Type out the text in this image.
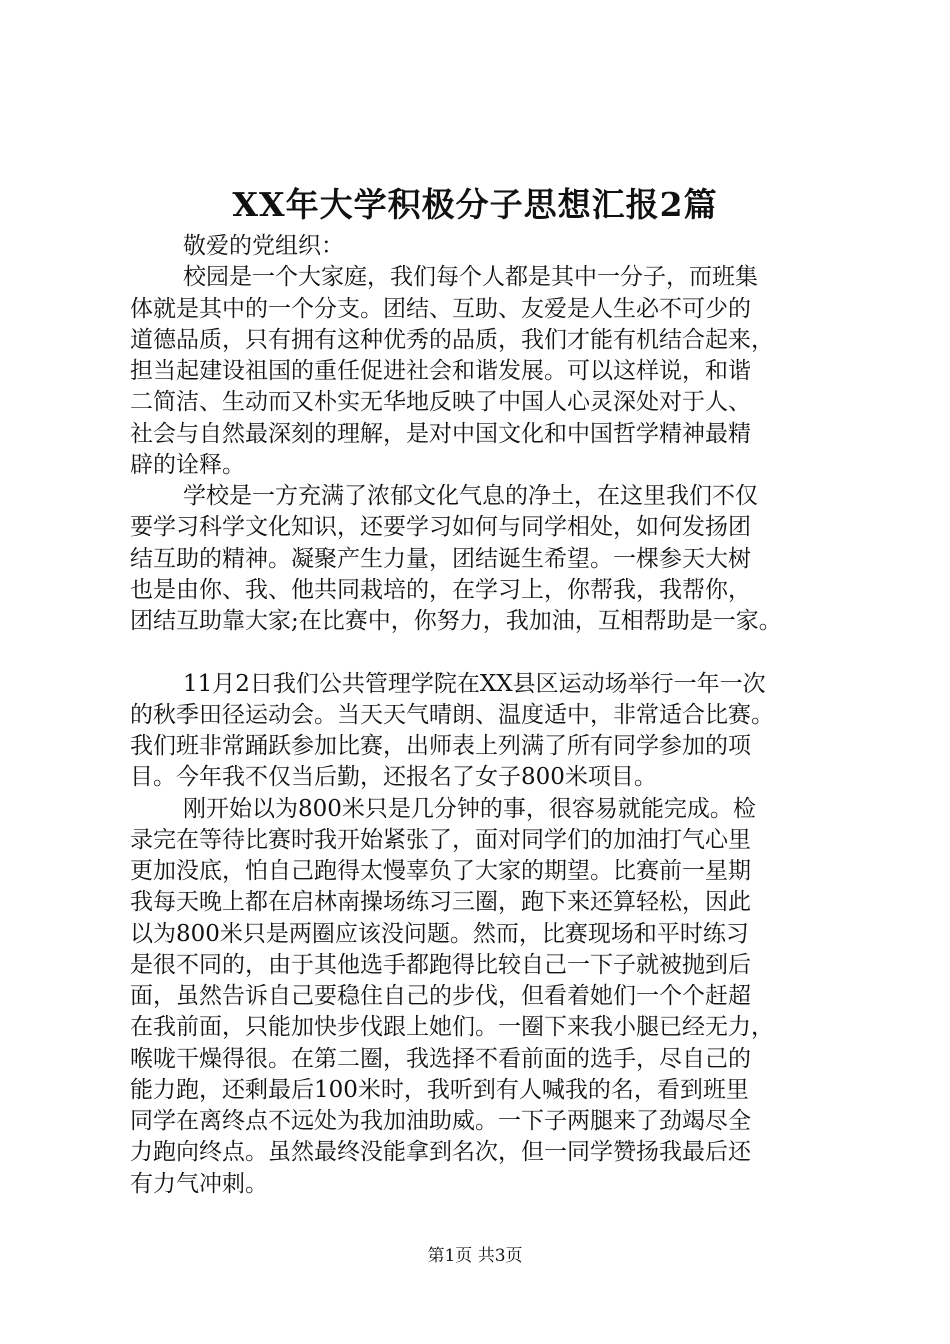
XX年大学积极分子思想汇报2篇
敬爱的党组织：
校园是一个大家庭，我们每个人都是其中一分子，而班集
体就是其中的一个分支。团结、互助、友爱是人生必不可少的
道德品质，只有拥有这种优秀的品质，我们才能有机结合起来，
担当起建设祖国的重任促进社会和谐发展。可以这样说，和谐
二简洁、生动而又朴实无华地反映了中国人心灵深处对于人、
社会与自然最深刻的理解，是对中国文化和中国哲学精神最精
辟的诠释。
学校是一方充满了浓郁文化气息的净土，在这里我们不仅
要学习科学文化知识，还要学习如何与同学相处，如何发扬团
结互助的精神。凝聚产生力量，团结诞生希望。一棵参天大树
也是由你、我、他共同栽培的，在学习上，你帮我，我帮你，
团结互助靠大家;在比赛中，你努力，我加油，互相帮助是一家。
11月2日我们公共管理学院在XX县区运动场举行一年一次
的秋季田径运动会。当天天气晴朗、温度适中，非常适合比赛。
我们班非常踊跃参加比赛，出师表上列满了所有同学参加的项
目。今年我不仅当后勤，还报名了女子800米项目。
刚开始以为800米只是几分钟的事，很容易就能完成。检
录完在等待比赛时我开始紧张了，面对同学们的加油打气心里
更加没底，怕自己跑得太慢辜负了大家的期望。比赛前一星期
我每天晚上都在启林南操场练习三圈，跑下来还算轻松，因此
以为800米只是两圈应该没问题。然而，比赛现场和平时练习
是很不同的，由于其他选手都跑得比较自己一下子就被抛到后
面，虽然告诉自己要稳住自己的步伐，但看着她们一个个赶超
在我前面，只能加快步伐跟上她们。一圈下来我小腿已经无力，
喉咙干燥得很。在第二圈，我选择不看前面的选手，尽自己的
能力跑，还剩最后100米时，我听到有人喊我的名，看到班里
同学在离终点不远处为我加油助威。一下子两腿来了劲竭尽全
力跑向终点。虽然最终没能拿到名次，但一同学赞扬我最后还
有力气冲刺。
第1页 共3页
